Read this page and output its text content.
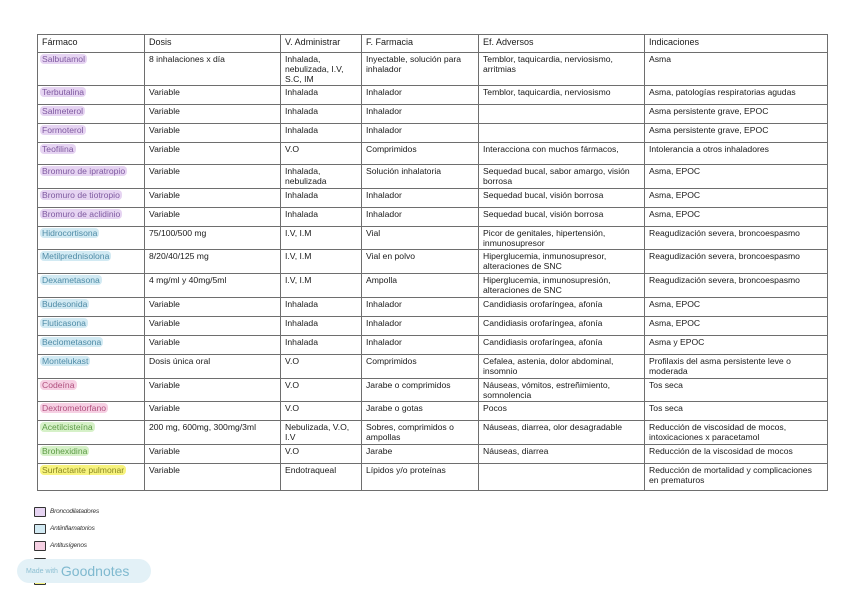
Fármaco	Dosis	V. Administrar	F. Farmacia	Ef. Adversos	Indicaciones
Salbutamol	8 inhalaciones x día	Inhalada, nebulizada, I.V, S.C, IM	Inyectable, solución para inhalador	Temblor, taquicardia, nerviosismo, arritmias	Asma
Terbutalina	Variable	Inhalada	Inhalador	Temblor, taquicardia, nerviosismo	Asma, patologías respiratorias agudas
Salmeterol	Variable	Inhalada	Inhalador		Asma persistente grave, EPOC
Formoterol	Variable	Inhalada	Inhalador		Asma persistente grave, EPOC
Teofilina	Variable	V.O	Comprimidos	Interacciona con muchos fármacos,	Intolerancia a otros inhaladores
Bromuro de ipratropio	Variable	Inhalada, nebulizada	Solución inhalatoria	Sequedad bucal, sabor amargo, visión borrosa	Asma, EPOC
Bromuro de tiotropio	Variable	Inhalada	Inhalador	Sequedad bucal, visión borrosa	Asma, EPOC
Bromuro de aclidinio	Variable	Inhalada	Inhalador	Sequedad bucal, visión borrosa	Asma, EPOC
Hidrocortisona	75/100/500 mg	I.V, I.M	Vial	Picor de genitales, hipertensión, inmunosupresor	Reagudización severa, broncoespasmo
Metilprednisolona	8/20/40/125 mg	I.V, I.M	Vial en polvo	Hiperglucemia, inmunosupresor, alteraciones de SNC	Reagudización severa, broncoespasmo
Dexametasona	4 mg/ml y 40mg/5ml	I.V, I.M	Ampolla	Hiperglucemia, inmunosupresión, alteraciones de SNC	Reagudización severa, broncoespasmo
Budesonida	Variable	Inhalada	Inhalador	Candidiasis orofaríngea, afonía	Asma, EPOC
Fluticasona	Variable	Inhalada	Inhalador	Candidiasis orofaríngea, afonía	Asma, EPOC
Beclometasona	Variable	Inhalada	Inhalador	Candidiasis orofaríngea, afonía	Asma y EPOC
Montelukast	Dosis única oral	V.O	Comprimidos	Cefalea, astenia, dolor abdominal, insomnio	Profilaxis del asma persistente leve o moderada
Codeína	Variable	V.O	Jarabe o comprimidos	Náuseas, vómitos, estreñimiento, somnolencia	Tos seca
Dextrometorfano	Variable	V.O	Jarabe o gotas	Pocos	Tos seca
Acetilcisteína	200 mg, 600mg, 300mg/3ml	Nebulizada, V.O, I.V	Sobres, comprimidos o ampollas	Náuseas, diarrea, olor desagradable	Reducción de viscosidad de mocos, intoxicaciones x paracetamol
Brohexidina	Variable	V.O	Jarabe	Náuseas, diarrea	Reducción de la viscosidad de mocos
Surfactante pulmonar	Variable	Endotraqueal	Lípidos y/o proteínas		Reducción de mortalidad y complicaciones en prematuros
Broncodilatadores
Antiinflamatorios
Antitusígenos
Made with Goodnotes
